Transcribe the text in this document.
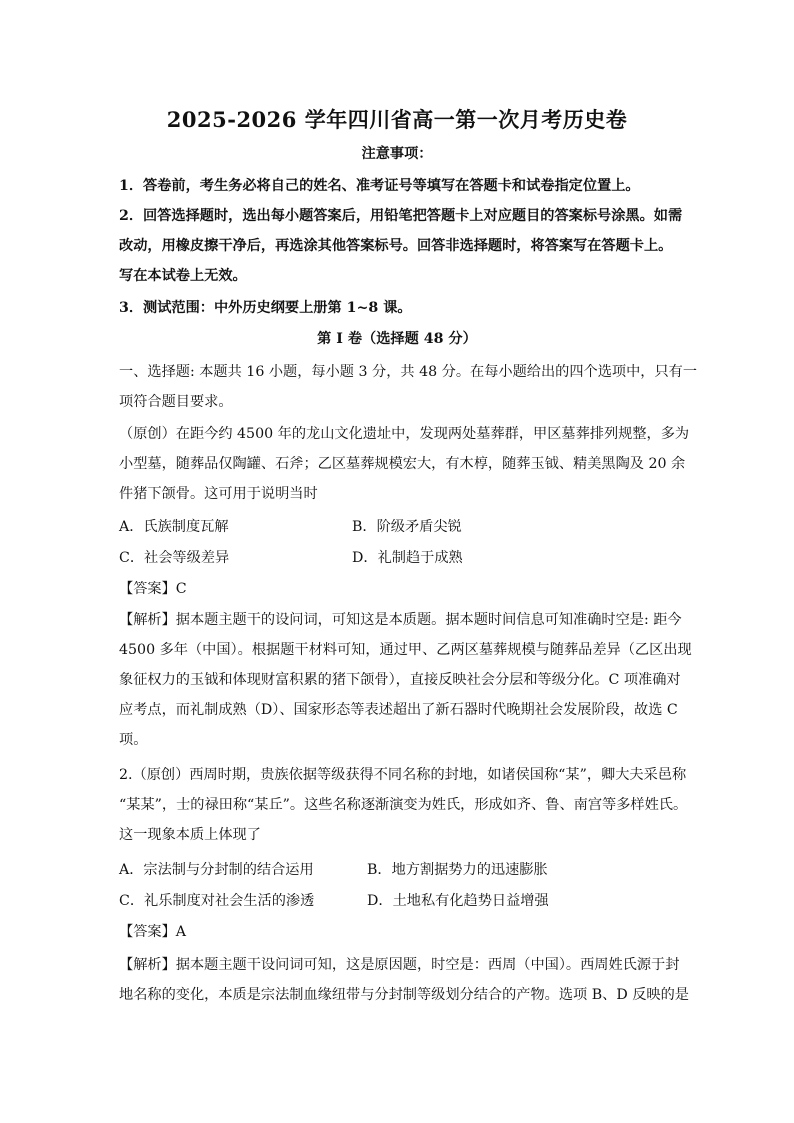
2025-2026 学年四川省高一第一次月考历史卷
注意事项：
1．答卷前，考生务必将自己的姓名、准考证号等填写在答题卡和试卷指定位置上。
2．回答选择题时，选出每小题答案后，用铅笔把答题卡上对应题目的答案标号涂黑。如需
改动，用橡皮擦干净后，再选涂其他答案标号。回答非选择题时，将答案写在答题卡上。
写在本试卷上无效。
3．测试范围：中外历史纲要上册第 1~8 课。
第 I 卷（选择题 48 分）
一、选择题: 本题共 16 小题，每小题 3 分，共 48 分。在每小题给出的四个选项中，只有一
项符合题目要求。
（原创）在距今约 4500 年的龙山文化遗址中，发现两处墓葬群，甲区墓葬排列规整，多为
小型墓，随葬品仅陶罐、石斧；乙区墓葬规模宏大，有木椁，随葬玉钺、精美黑陶及 20 余
件猪下颌骨。这可用于说明当时
A．氏族制度瓦解	B．阶级矛盾尖锐
C．社会等级差异	D．礼制趋于成熟
【答案】C
【解析】据本题主题干的设问词，可知这是本质题。据本题时间信息可知准确时空是: 距今
4500 多年（中国）。根据题干材料可知，通过甲、乙两区墓葬规模与随葬品差异（乙区出现
象征权力的玉钺和体现财富积累的猪下颌骨），直接反映社会分层和等级分化。C 项准确对
应考点，而礼制成熟（D）、国家形态等表述超出了新石器时代晚期社会发展阶段，故选 C
项。
2.（原创）西周时期，贵族依据等级获得不同名称的封地，如诸侯国称“某”，卿大夫采邑称
“某某”，士的禄田称“某丘”。这些名称逐渐演变为姓氏，形成如齐、鲁、南宫等多样姓氏。
这一现象本质上体现了
A．宗法制与分封制的结合运用	B．地方割据势力的迅速膨胀
C．礼乐制度对社会生活的渗透	D．土地私有化趋势日益增强
【答案】A
【解析】据本题主题干设问词可知，这是原因题，时空是：西周（中国）。西周姓氏源于封
地名称的变化，本质是宗法制血缘纽带与分封制等级划分结合的产物。选项 B、D 反映的是
